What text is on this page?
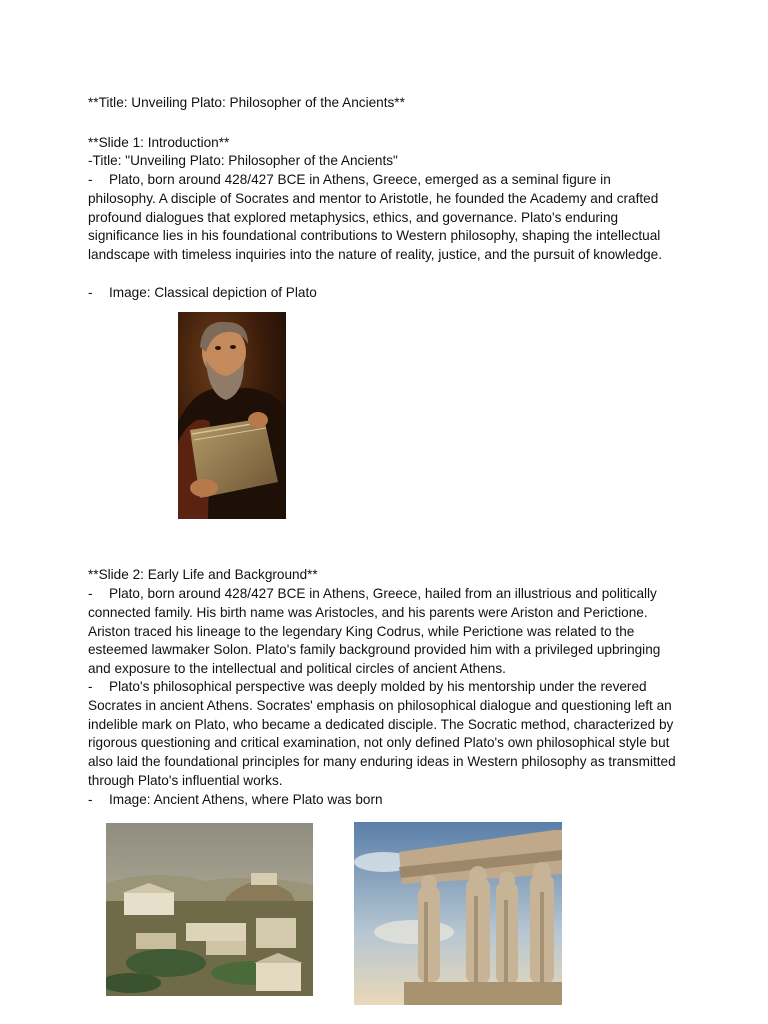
**Title: Unveiling Plato: Philosopher of the Ancients**
**Slide 1: Introduction**
-Title: "Unveiling Plato: Philosopher of the Ancients"
- Plato, born around 428/427 BCE in Athens, Greece, emerged as a seminal figure in philosophy. A disciple of Socrates and mentor to Aristotle, he founded the Academy and crafted profound dialogues that explored metaphysics, ethics, and governance. Plato's enduring significance lies in his foundational contributions to Western philosophy, shaping the intellectual landscape with timeless inquiries into the nature of reality, justice, and the pursuit of knowledge.
- Image: Classical depiction of Plato
**Slide 2: Early Life and Background**
- Plato, born around 428/427 BCE in Athens, Greece, hailed from an illustrious and politically connected family. His birth name was Aristocles, and his parents were Ariston and Perictione. Ariston traced his lineage to the legendary King Codrus, while Perictione was related to the esteemed lawmaker Solon. Plato's family background provided him with a privileged upbringing and exposure to the intellectual and political circles of ancient Athens.
- Plato's philosophical perspective was deeply molded by his mentorship under the revered Socrates in ancient Athens. Socrates' emphasis on philosophical dialogue and questioning left an indelible mark on Plato, who became a dedicated disciple. The Socratic method, characterized by rigorous questioning and critical examination, not only defined Plato's own philosophical style but also laid the foundational principles for many enduring ideas in Western philosophy as transmitted through Plato's influential works.
- Image: Ancient Athens, where Plato was born
